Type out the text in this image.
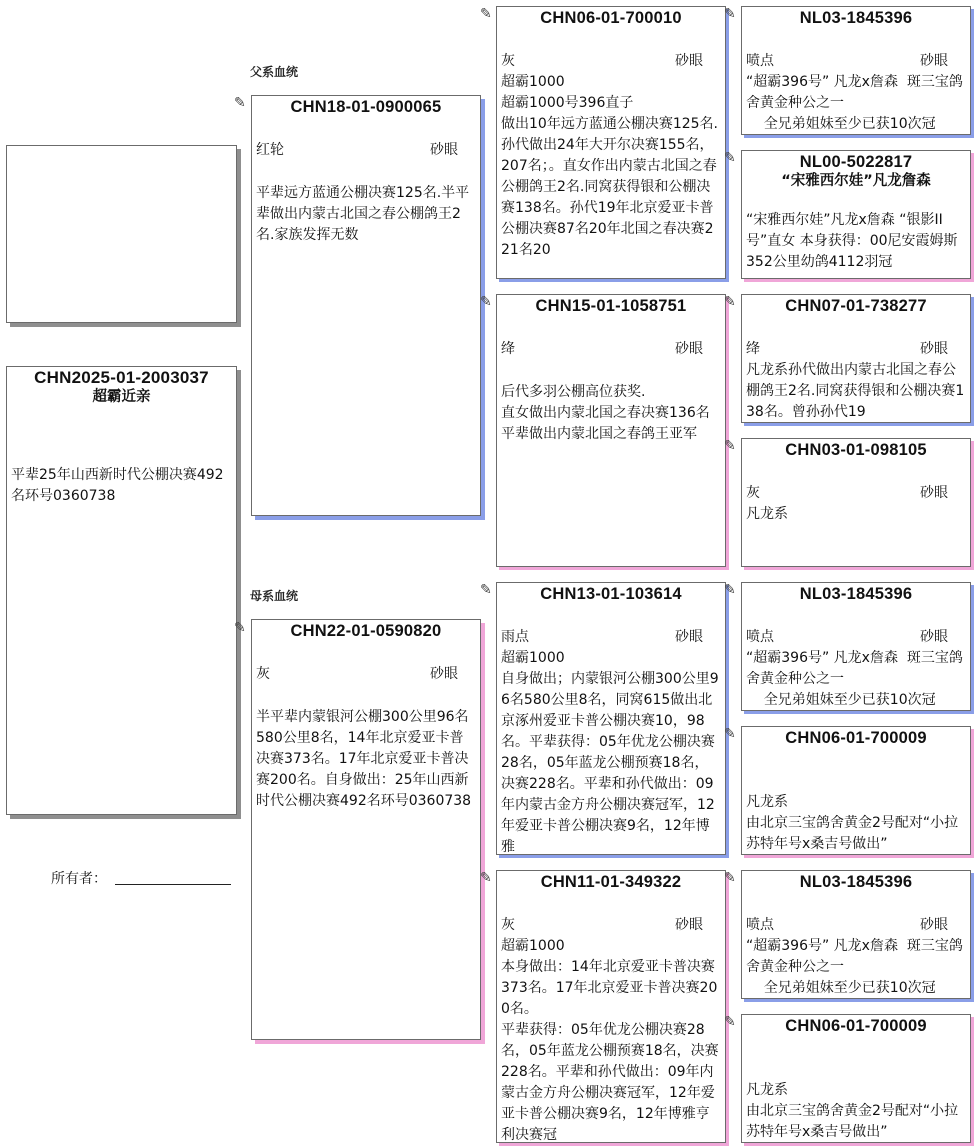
父系血统
母系血统
CHN2025-01-2003037
超霸近亲
平辈25年山西新时代公棚决赛492名环号0360738
所有者：
✎	CHN18-01-0900065
红轮	砂眼
平辈远方蓝通公棚决赛125名.半平辈做出内蒙古北国之春公棚鸽王2名.家族发挥无数
✎	CHN22-01-0590820
灰	砂眼
半平辈内蒙银河公棚300公里96名580公里8名，14年北京爱亚卡普决赛373名。17年北京爱亚卡普决赛200名。自身做出：25年山西新时代公棚决赛492名环号0360738
✎	CHN06-01-700010
灰	砂眼
超霸1000
超霸1000号396直子
做出10年远方蓝通公棚决赛125名.
孙代做出24年大开尔决赛155名，207名；。直女作出内蒙古北国之春公棚鸽王2名.同窝获得银和公棚决赛138名。孙代19年北京爱亚卡普公棚决赛87名20年北国之春决赛221名20
✎	CHN15-01-1058751
绛	砂眼
后代多羽公棚高位获奖.
直女做出内蒙北国之春决赛136名
平辈做出内蒙北国之春鸽王亚军
✎	CHN13-01-103614
雨点	砂眼
超霸1000
自身做出；内蒙银河公棚300公里96名580公里8名，同窝615做出北京涿州爱亚卡普公棚决赛10，98名。平辈获得：05年优龙公棚决赛28名，05年蓝龙公棚预赛18名，决赛228名。平辈和孙代做出：09年内蒙古金方舟公棚决赛冠军，12年爱亚卡普公棚决赛9名，12年博雅
✎	CHN11-01-349322
灰	砂眼
超霸1000
本身做出：14年北京爱亚卡普决赛373名。17年北京爱亚卡普决赛200名。
平辈获得：05年优龙公棚决赛28名，05年蓝龙公棚预赛18名，决赛228名。平辈和孙代做出：09年内蒙古金方舟公棚决赛冠军，12年爱亚卡普公棚决赛9名，12年博雅亨利决赛冠
✎	NL03-1845396
喷点	砂眼
“超霸396号” 凡龙x詹森  斑三宝鸽舍黄金种公之一
全兄弟姐妹至少已获10次冠
✎	NL00-5022817
“宋雅西尔娃”凡龙詹森
“宋雅西尔娃”凡龙x詹森 “银影II号”直女 本身获得：00尼安霞姆斯352公里幼鸽4112羽冠
✎	CHN07-01-738277
绛	砂眼
凡龙系孙代做出内蒙古北国之春公棚鸽王2名.同窝获得银和公棚决赛138名。曾孙孙代19
✎	CHN03-01-098105
灰	砂眼
凡龙系
✎	NL03-1845396
喷点	砂眼
“超霸396号” 凡龙x詹森  斑三宝鸽舍黄金种公之一
全兄弟姐妹至少已获10次冠
✎	CHN06-01-700009
凡龙系
由北京三宝鸽舍黄金2号配对“小拉苏特年号x桑吉号做出”
✎	NL03-1845396
喷点	砂眼
“超霸396号” 凡龙x詹森  斑三宝鸽舍黄金种公之一
全兄弟姐妹至少已获10次冠
✎	CHN06-01-700009
凡龙系
由北京三宝鸽舍黄金2号配对“小拉苏特年号x桑吉号做出”
